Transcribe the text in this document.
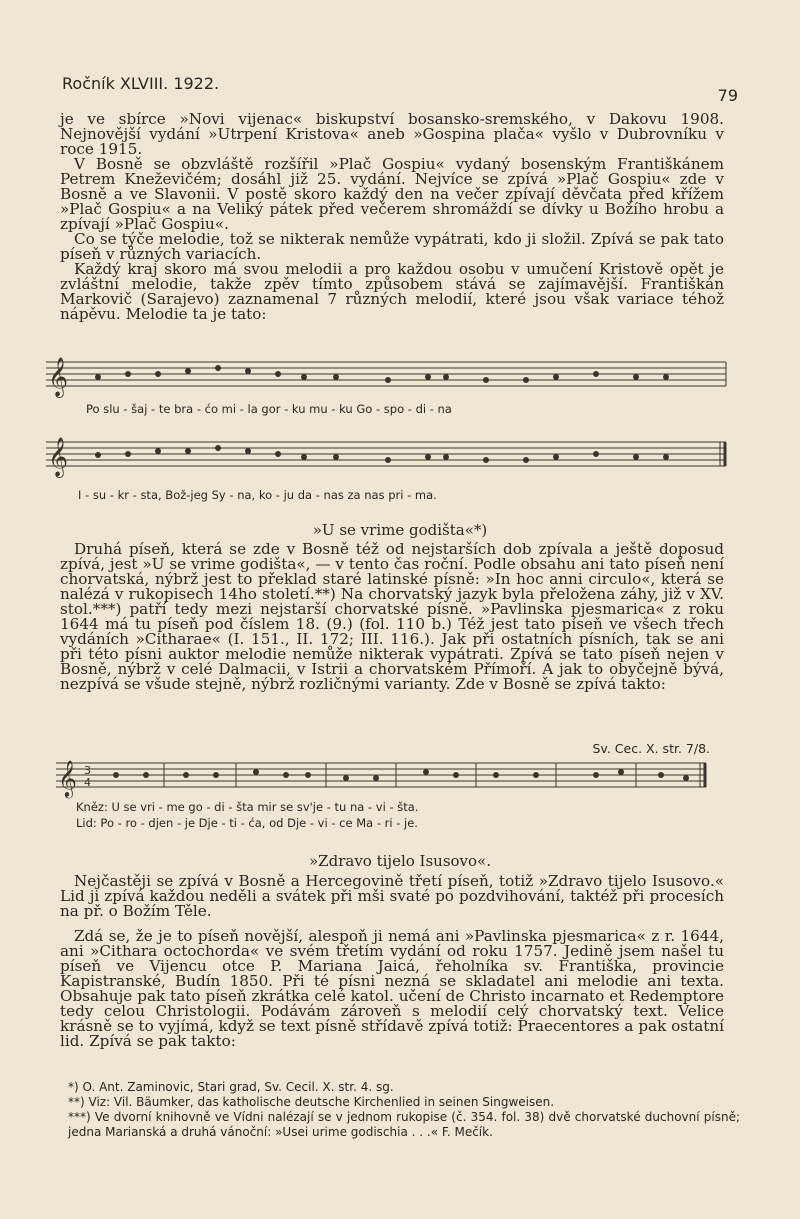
Ročník XLVIII. 1922.
79

je ve sbírce »Novi vijenac« biskupství bosansko-sremského, v Dakovu 1908. Nejnovější vydání »Utrpení Kristova« aneb »Gospina plača« vyšlo v Dubrovníku v roce 1915.

V Bosně se obzvláště rozšířil »Plač Gospiu« vydaný bosenským Františkánem Petrem Kneževičém; dosáhl již 25. vydání. Nejvíce se zpívá »Plač Gospiu« zde v Bosně a ve Slavonii. V postě skoro každý den na večer zpívají děvčata před křížem »Plač Gospiu« a na Veliký pátek před večerem shromáždí se dívky u Božího hrobu a zpívají »Plač Gospiu«.

Co se týče melodie, tož se nikterak nemůže vypátrati, kdo ji složil. Zpívá se pak tato píseň v různých variacích.

Každý kraj skoro má svou melodii a pro každou osobu v umučení Kristově opět je zvláštní melodie, takže zpěv tímto způsobem stává se zajímavější. Františkán Markovič (Sarajevo) zaznamenal 7 různých melodií, které jsou však variace téhož nápěvu. Melodie ta je tato:

𝄞
𝄞
Po slu - šaj - te bra - ćo mi - la gor - ku mu - ku Go - spo - di - na
I - su - kr - sta, Bož-jeg Sy - na, ko - ju da - nas za nas pri - ma.
»U se vrime godišta«*)

Druhá píseň, která se zde v Bosně též od nejstarších dob zpívala a ještě doposud zpívá, jest »U se vrime godišta«, — v tento čas roční. Podle obsahu ani tato píseň není chorvatská, nýbrž jest to překlad staré latinské písně: »In hoc anni circulo«, která se nalézá v rukopisech 14ho století.**) Na chorvatský jazyk byla přeložena záhy, již v XV. stol.***) patří tedy mezi nejstarší chorvatské písně. »Pavlinska pjesmarica« z roku 1644 má tu píseň pod číslem 18. (9.) (fol. 110 b.) Též jest tato píseň ve všech třech vydáních »Citharae« (I. 151., II. 172; III. 116.). Jak při ostatních písních, tak se ani při této písni auktor melodie nemůže nikterak vypátrati. Zpívá se tato píseň nejen v Bosně, nýbrž v celé Dalmacii, v Istrii a chorvatském Přímoří. A jak to obyčejně bývá, nezpívá se všude stejně, nýbrž rozličnými varianty. Zde v Bosně se zpívá takto:

Sv. Cec. X. str. 7/8.
𝄞 3
4
Kněz: U se vri - me go - di - šta mir se sv'je - tu na - vi - šta.
Lid: Po - ro - djen - je Dje - ti - ća, od Dje - vi - ce Ma - ri - je.
»Zdravo tijelo Isusovo«.

Nejčastěji se zpívá v Bosně a Hercegovině třetí píseň, totiž »Zdravo tijelo Isusovo.« Lid ji zpívá každou neděli a svátek při mši svaté po pozdvihování, taktéž při procesích na př. o Božím Těle.

Zdá se, že je to píseň novější, alespoň ji nemá ani »Pavlinska pjesmarica« z r. 1644, ani »Cithara octochorda« ve svém třetím vydání od roku 1757. Jedině jsem našel tu píseň ve Vijencu otce P. Mariana Jaicá, řeholníka sv. Františka, provincie Kapistranské, Budín 1850. Při té písni nezná se skladatel ani melodie ani texta. Obsahuje pak tato píseň zkrátka celé katol. učení de Christo incarnato et Redemptore tedy celou Christologii. Podávám zároveň s melodií celý chorvatský text. Velice krásně se to vyjímá, když se text písně střídavě zpívá totiž: Praecentores a pak ostatní lid. Zpívá se pak takto:

*) O. Ant. Zaminovic, Stari grad, Sv. Cecil. X. str. 4. sg.

**) Viz: Vil. Bäumker, das katholische deutsche Kirchenlied in seinen Singweisen.

***) Ve dvorní knihovně ve Vídni nalézají se v jednom rukopise (č. 354. fol. 38) dvě chorvatské duchovní písně; jedna Marianská a druhá vánoční: »Usei urime godischia . . .« F. Mečík.
